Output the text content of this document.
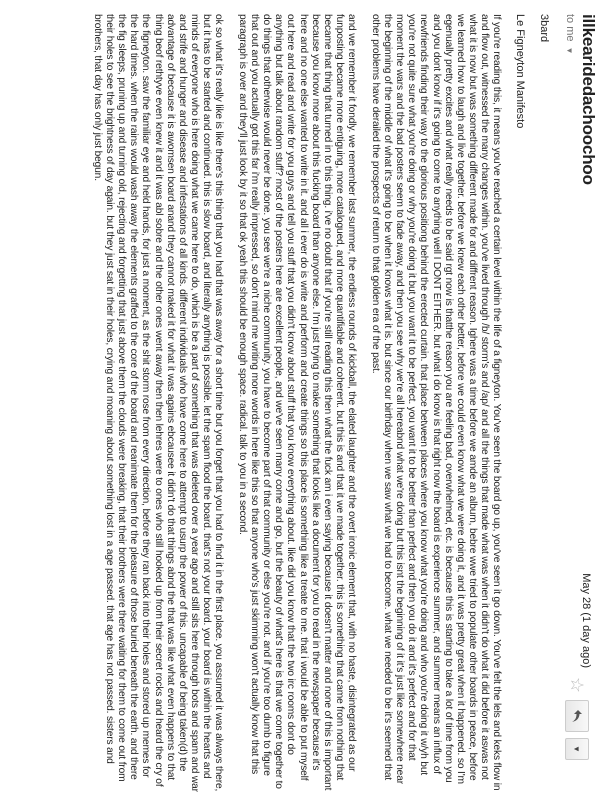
illkearidedachoochoo
to me ▼
May 28 (1 day ago)
☆
▼

3bard

Le Figneyton Manifesto

If you're reading this, it means you've reached a certain level within the life of a figneyton. You've seen the board go up, you've seen it go down. You've felt the lels and keks flow in and flow out, witnessed the many changes within. you've lived through /b/ storm's and /ap/ and all the things that made what was when it didn't do what it did before it aswas not what it is now but was something different made for and diffrent reason. Ighere was a time before we amde an album, bebre wwe tried to populate other boards in peace, before we learned how to laugh and live together. before we knew each other better, before we could even know what we were doing it, and it was pretty great when it happened. so I'm egenually pretty excites and what really needs to be said rgt now is thatthe reason you are feeling bad, overwhelmed, etc. is because this is starting to take a lot of time from you and you dont know if it's going to come to anything well I DONT EITHER. but what i do know is that right now the board is experience summer, and summer means an influx of newfriends finding their way to the glorious positiong behind the erected curtain. that place between places where you know what you're doing and who you're doing it w/yh but you're not quite sure what you're doing or why you're doing it but you want it to be perfect. you want it to be better than perfect and then you do it and it's perfect and for that moment the wars and the bad posters seem to fade away, and then you see why we're all hereabnd what we're doing but this isnt the beginning of it it's just like somewhere near the beginning of the middle of what it's going to be when it knows what it is. but since our birthday when we saw what we had to become. what we needed to be it's seemed that other problems have derailed the prospects of return to that golden era of the past.

and we remember it fondly. we remember last summer, the endless rounds of kickball, the elated laughter and the overt ironic element that, with no haste, disintegrated as our funposting became more entiguing, more catalogued, and more quantifiable and coherent. but this is and that it we made together. this is something that came from nothing that became that thing that turned in to this thing. i've no doubt that if you're still reading this then what the fuck am i even saying because it doesn't matter and none of this is important because you know more about this fucking board than anyone else. I'm just trying to make something that looks like a document for you to read in the newspaper because it's here and no one else wanted to write in it. and all i ever do is write and perform and create things so this place is something like a treate to me. that i would be able to put myself out here and read and write for you guys and tell you stuff that you didn't know about stuff that you know everything about. like did you know that the two irc rooms dont do anything but talk about random stuff? most of the posters here are excellent people, and we've seen many come and go, but the beauty of what's here is that we come together to do things that otherwise would never be done. you see we're a niche community. you have to become part of that community or else you're not. and if you're too dumb to figure that out and you actually got this far i'm really impressed, so don't mind me writing more words in here like this so that anyone who's just skimming won't actually know that this paragraph is over and they'll just look by it so that ok yeah this should be enough space. radical. talk to you in a second.

ok so what it's really like is like there's this thing that you had that was away for a short time but you forget that you had to find it in the first place. you assumed it was always there, but it has to be started and continued. this is slow board, and literally anything is possible. let the spam flood the board. that's not your board. your board is within the hearts and minds of everyone who is here doing what we came here to do, which is be a part of something that was deleted over a year ago and still sits here through bots and spam and war and strife and hunger and disease and infestations of all kinds. different individuals who have come here to attempt to usurp the power of this. uncapable of being taken(d) the advantage of because it is awomsen board anand they cannot maked it for what it was agains ebcausee it didn't do that things abnd the that was like what even happens to that thing beof rethtyve even knew it and it was abl sobre and the other ones went away then then lehres were to ones who still hooked up from their secret rocks and heard the cry of the figneyton. saw the familiar eye and held hands, for just a moment, as the shit storm rose from every direction, before they ran back into their holes and stored up memes for the hard times. when the rains would wash away the elements graffed to the core of the board and reanimate them for the pleasure of those buried beneath the earth. and there the fig sleeps, pruning up and turning old, rejecting and forgetting that just above them the clouds were breaking, that their brothers were there waiting for them to come out from their holes to see the brightness of day again. but they just sat in their holes, crying and moaning about something lost in a age passed. that age has not passed. sisters and brothers, that day has only just begun.
